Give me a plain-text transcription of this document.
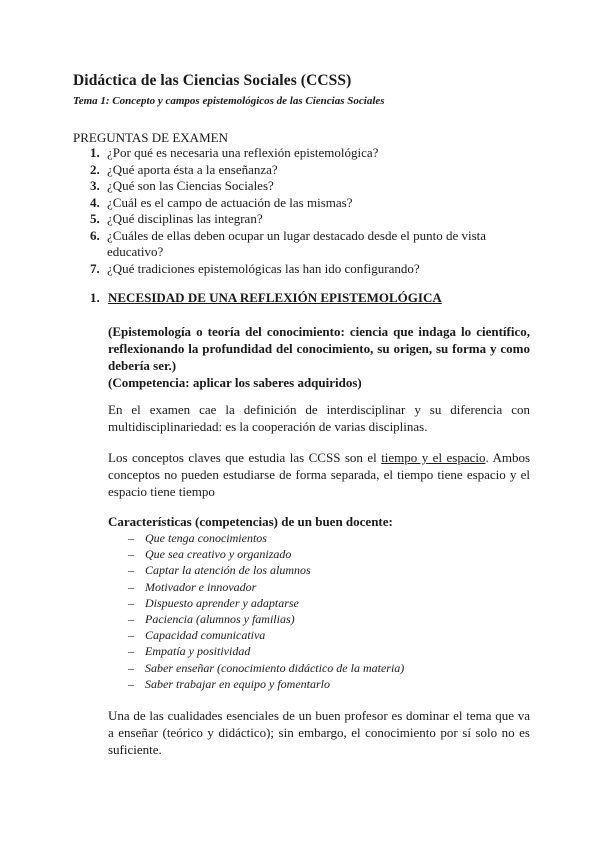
Didáctica de las Ciencias Sociales (CCSS)
Tema 1: Concepto y campos epistemológicos de las Ciencias Sociales
PREGUNTAS DE EXAMEN
1. ¿Por qué es necesaria una reflexión epistemológica?
2. ¿Qué aporta ésta a la enseñanza?
3. ¿Qué son las Ciencias Sociales?
4. ¿Cuál es el campo de actuación de las mismas?
5. ¿Qué disciplinas las integran?
6. ¿Cuáles de ellas deben ocupar un lugar destacado desde el punto de vista educativo?
7. ¿Qué tradiciones epistemológicas las han ido configurando?
1. NECESIDAD DE UNA REFLEXIÓN EPISTEMOLÓGICA

(Epistemología o teoría del conocimiento: ciencia que indaga lo científico, reflexionando la profundidad del conocimiento, su origen, su forma y como debería ser.)

(Competencia: aplicar los saberes adquiridos)

En el examen cae la definición de interdisciplinar y su diferencia con multidisciplinariedad: es la cooperación de varias disciplinas.
Los conceptos claves que estudia las CCSS son el tiempo y el espacio. Ambos conceptos no pueden estudiarse de forma separada, el tiempo tiene espacio y el espacio tiene tiempo
Características (competencias) de un buen docente:
– Que tenga conocimientos
– Que sea creativo y organizado
– Captar la atención de los alumnos
– Motivador e innovador
– Dispuesto aprender y adaptarse
– Paciencia (alumnos y familias)
– Capacidad comunicativa
– Empatía y positividad
– Saber enseñar (conocimiento didáctico de la materia)
– Saber trabajar en equipo y fomentarlo
Una de las cualidades esenciales de un buen profesor es dominar el tema que va a enseñar (teórico y didáctico); sin embargo, el conocimiento por sí solo no es suficiente.
